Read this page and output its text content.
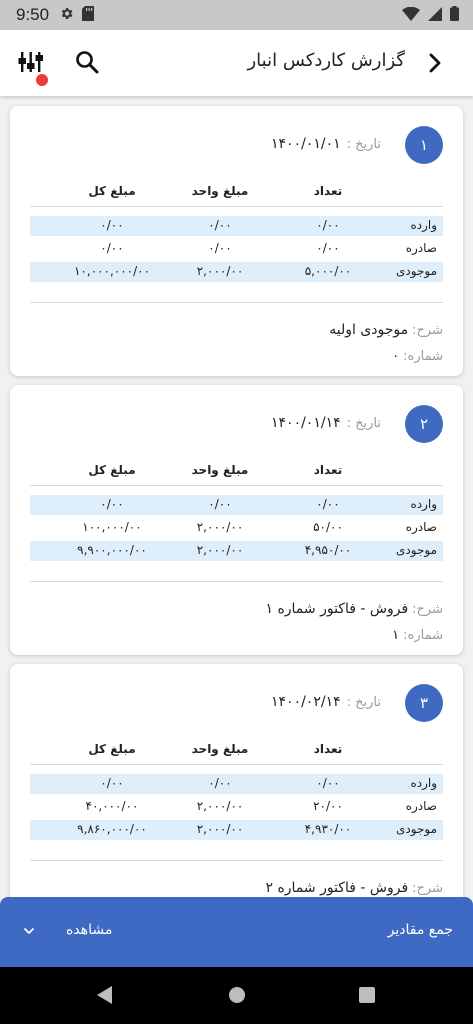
9:50
گزارش کاردکس انبار
۱
تاریخ :۱۴۰۰/۰۱/۰۱
تعداد
مبلغ واحد
مبلغ کل
وارده
۰/۰۰
۰/۰۰
۰/۰۰
صادره
۰/۰۰
۰/۰۰
۰/۰۰
موجودی
۵,۰۰۰/۰۰
۲,۰۰۰/۰۰
۱۰,۰۰۰,۰۰۰/۰۰
شرح:موجودی اولیه
شماره:۰
۲
تاریخ :۱۴۰۰/۰۱/۱۴
تعداد
مبلغ واحد
مبلغ کل
وارده
۰/۰۰
۰/۰۰
۰/۰۰
صادره
۵۰/۰۰
۲,۰۰۰/۰۰
۱۰۰,۰۰۰/۰۰
موجودی
۴,۹۵۰/۰۰
۲,۰۰۰/۰۰
۹,۹۰۰,۰۰۰/۰۰
شرح:فروش - فاکتور شماره ۱
شماره:۱
۳
تاریخ :۱۴۰۰/۰۲/۱۴
تعداد
مبلغ واحد
مبلغ کل
وارده
۰/۰۰
۰/۰۰
۰/۰۰
صادره
۲۰/۰۰
۲,۰۰۰/۰۰
۴۰,۰۰۰/۰۰
موجودی
۴,۹۳۰/۰۰
۲,۰۰۰/۰۰
۹,۸۶۰,۰۰۰/۰۰
شرح:فروش - فاکتور شماره ۲
جمع مقادیر
مشاهده
